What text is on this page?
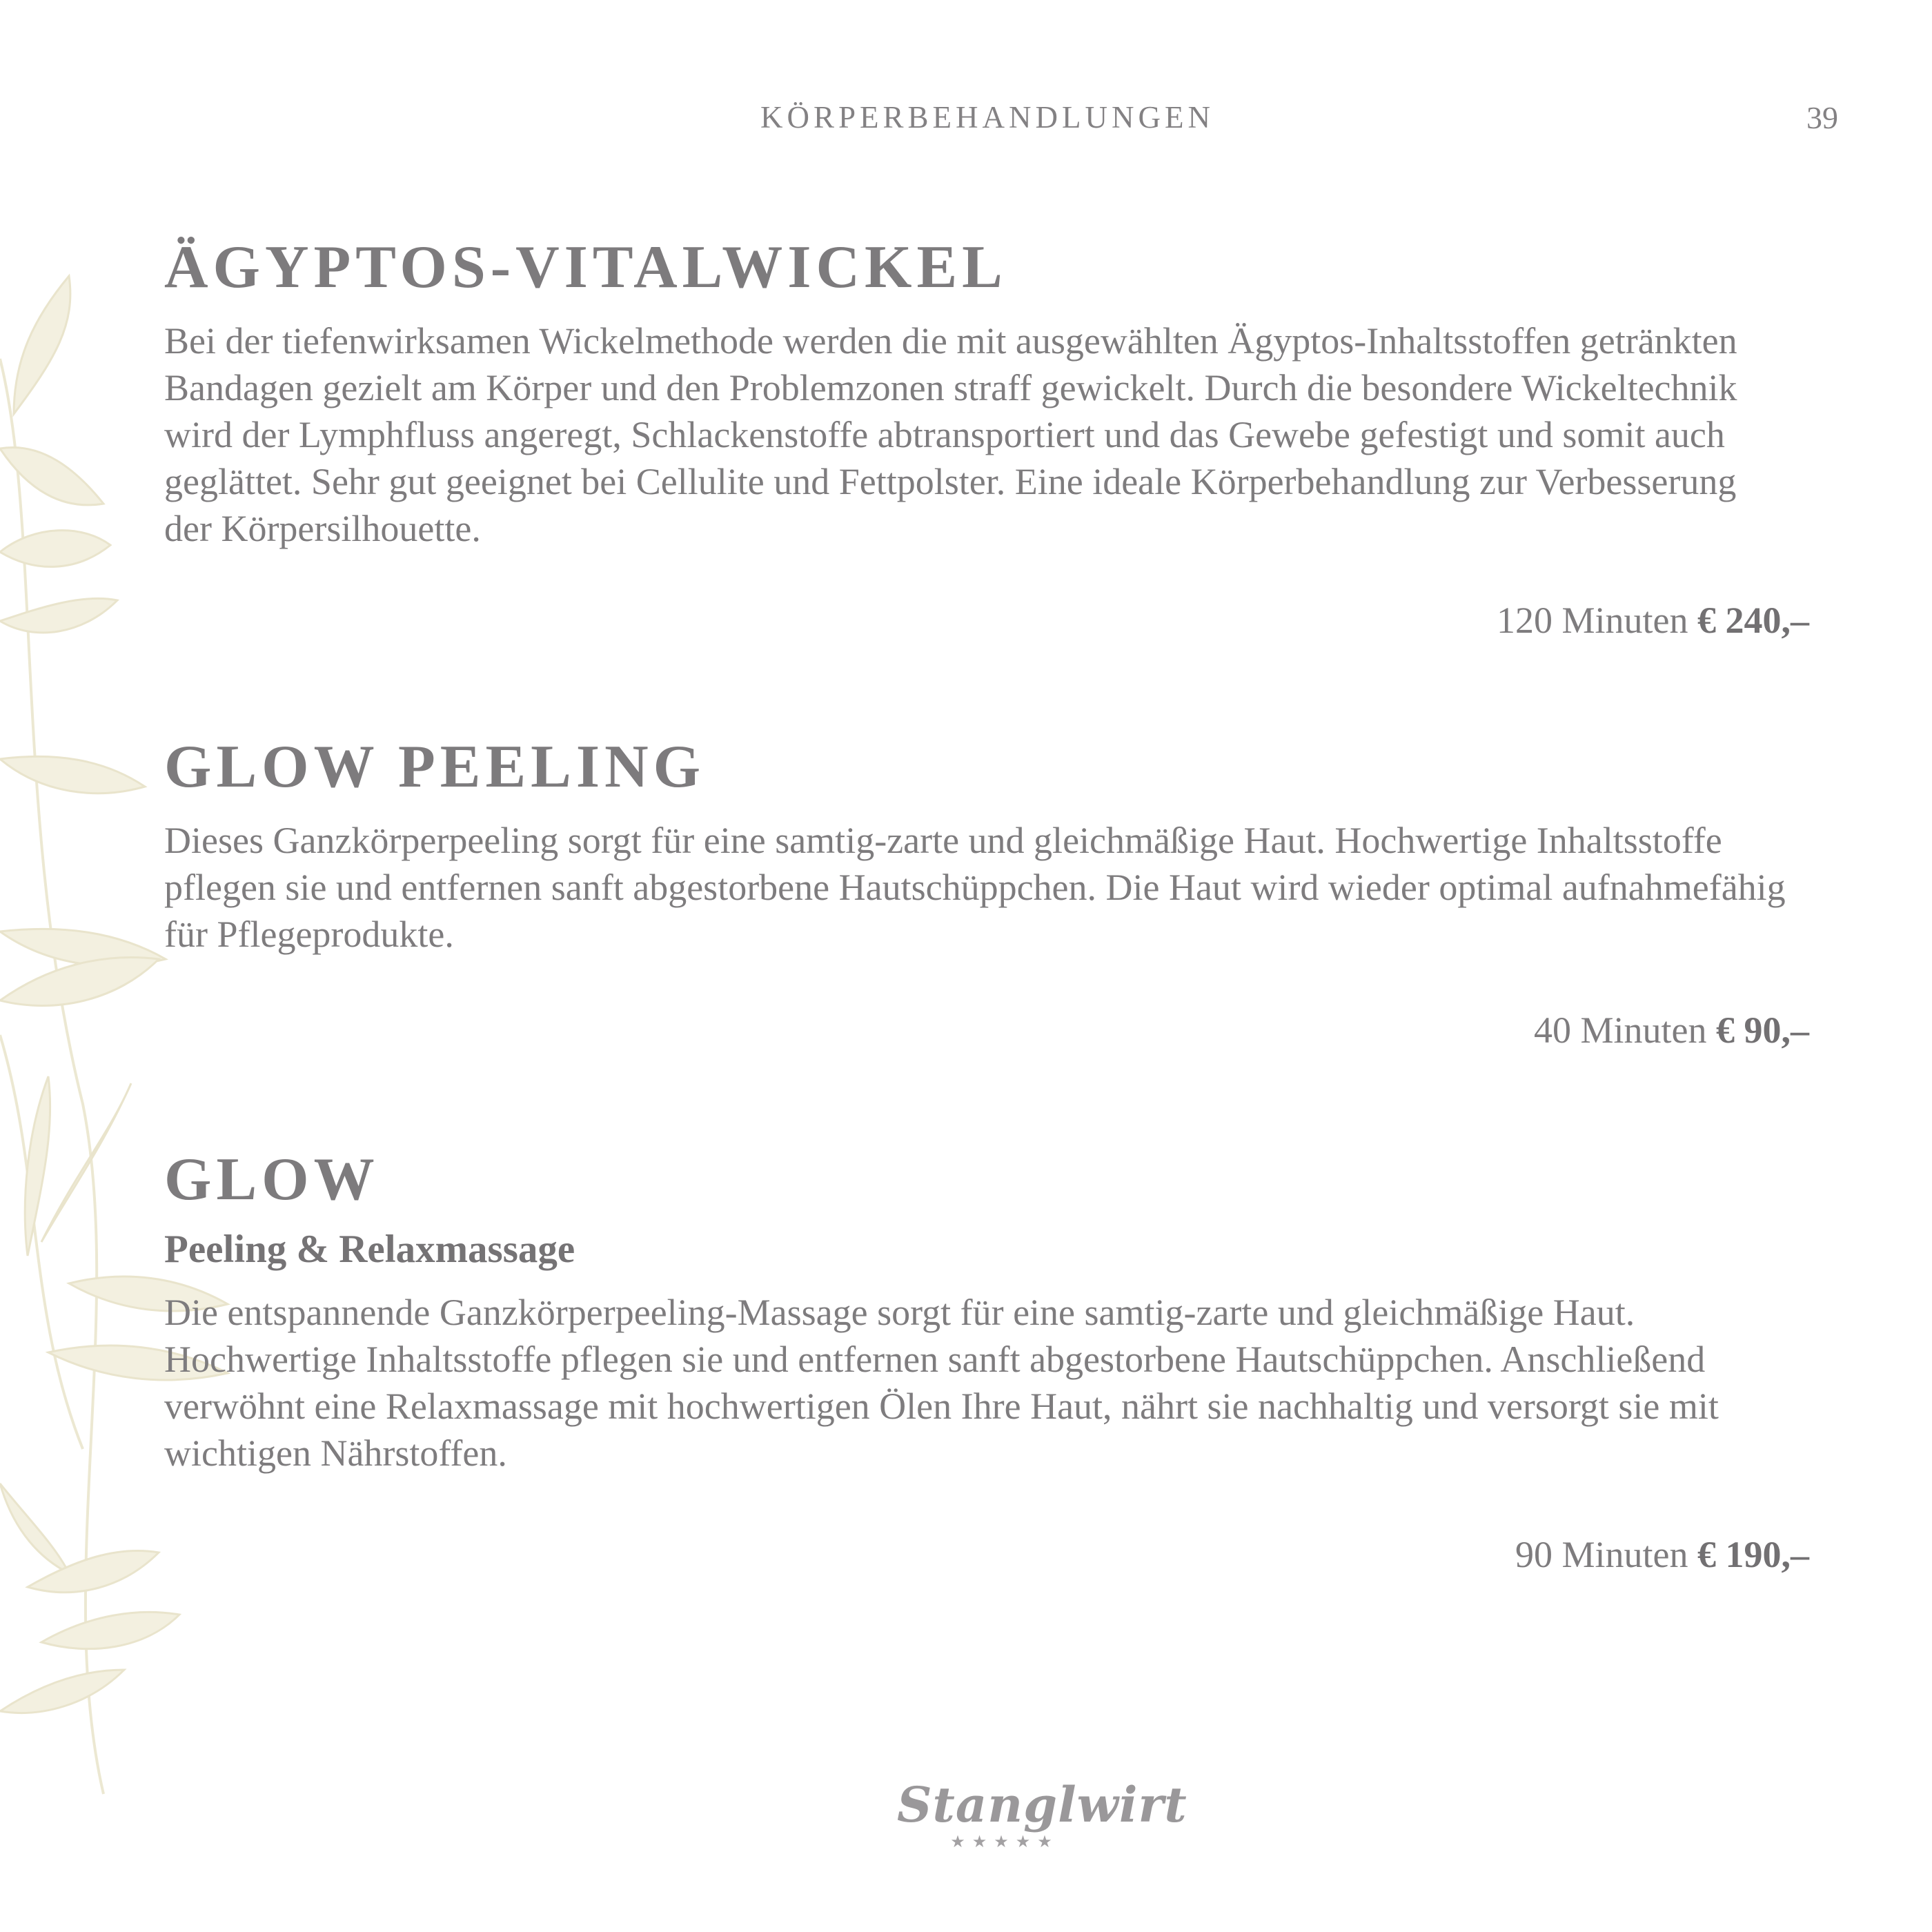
KÖRPERBEHANDLUNGEN	39
ÄGYPTOS-VITALWICKEL

Bei der tiefenwirksamen Wickelmethode werden die mit ausgewählten Ägyptos-Inhaltsstoffen getränkten
Bandagen gezielt am Körper und den Problemzonen straff gewickelt. Durch die besondere Wickeltechnik
wird der Lymphfluss angeregt, Schlackenstoffe abtransportiert und das Gewebe gefestigt und somit auch
geglättet. Sehr gut geeignet bei Cellulite und Fettpolster. Eine ideale Körperbehandlung zur Verbesserung
der Körpersilhouette.

120 Minuten € 240,–
GLOW PEELING

Dieses Ganzkörperpeeling sorgt für eine samtig-zarte und gleichmäßige Haut. Hochwertige Inhaltsstoffe
pflegen sie und entfernen sanft abgestorbene Hautschüppchen. Die Haut wird wieder optimal aufnahmefähig
für Pflegeprodukte.

40 Minuten € 90,–
GLOW

Peeling & Relaxmassage

Die entspannende Ganzkörperpeeling-Massage sorgt für eine samtig-zarte und gleichmäßige Haut.
Hochwertige Inhaltsstoffe pflegen sie und entfernen sanft abgestorbene Hautschüppchen. Anschließend
verwöhnt eine Relaxmassage mit hochwertigen Ölen Ihre Haut, nährt sie nachhaltig und versorgt sie mit
wichtigen Nährstoffen.

90 Minuten € 190,–
Stanglwirt
★★★★★
